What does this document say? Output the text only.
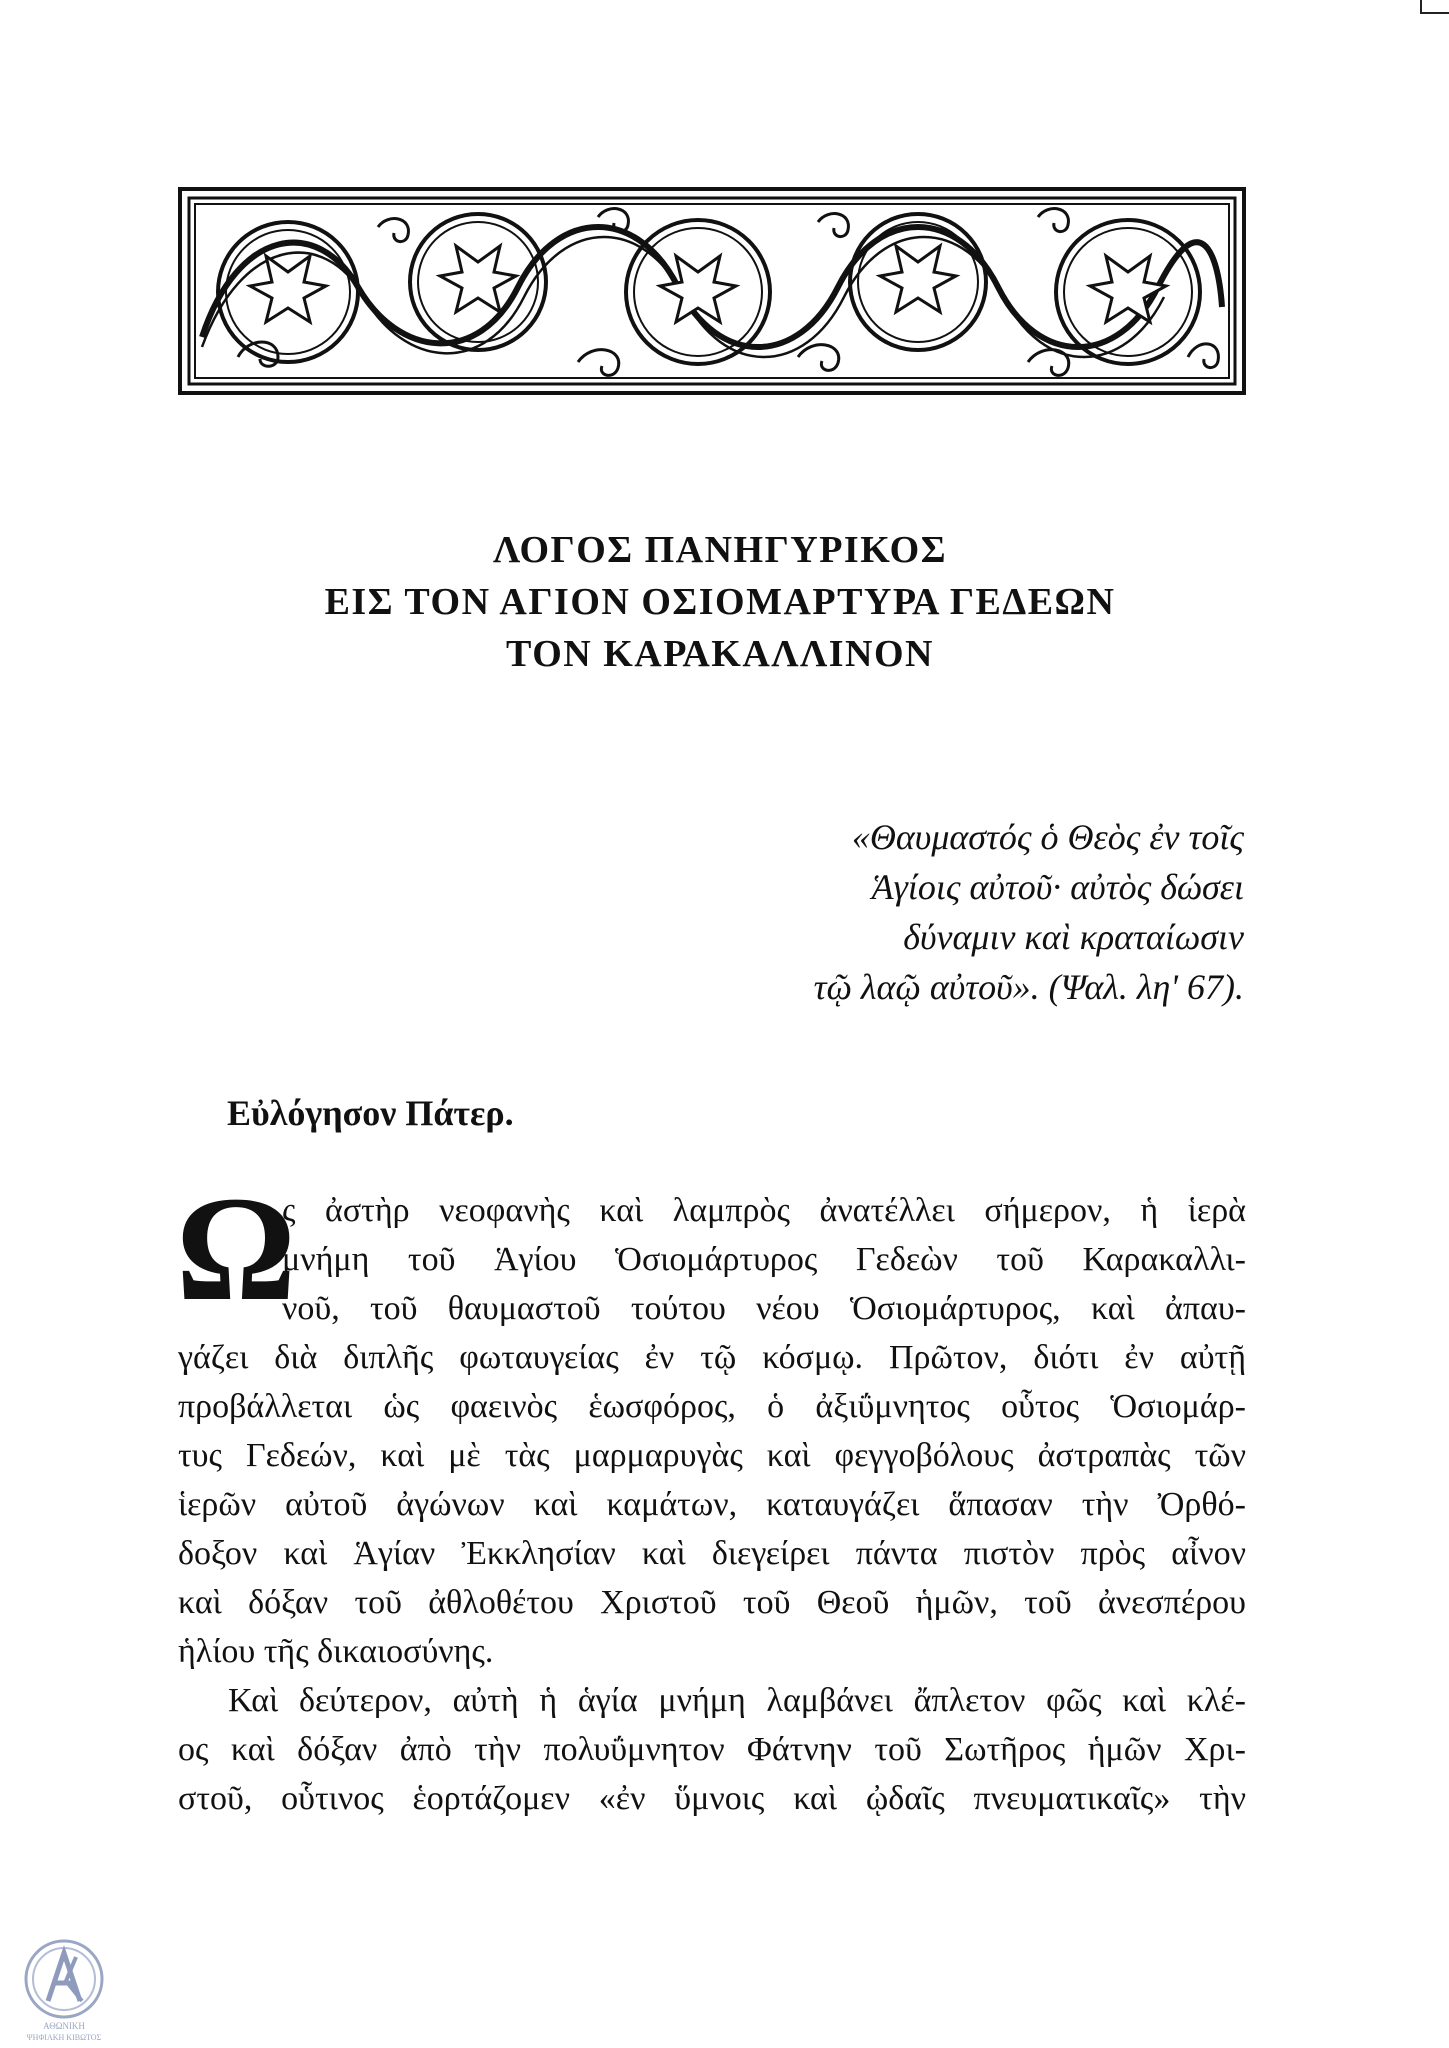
ΛΟΓΟΣ ΠΑΝΗΓΥΡΙΚΟΣ
ΕΙΣ ΤΟΝ ΑΓΙΟΝ ΟΣΙΟΜΑΡΤΥΡΑ ΓΕΔΕΩΝ
ΤΟΝ ΚΑΡΑΚΑΛΛΙΝΟΝ
«Θαυμαστός ὁ Θεὸς ἐν τοῖς
Ἁγίοις αὐτοῦ· αὐτὸς δώσει
δύναμιν καὶ κραταίωσιν
τῷ λαῷ αὐτοῦ». (Ψαλ. λη' 67).
Εὐλόγησον Πάτερ.
Ω
ς ἀστὴρ νεοφανὴς καὶ λαμπρὸς ἀνατέλλει σήμερον, ἡ ἱερὰ
μνήμη τοῦ Ἁγίου Ὁσιομάρτυρος Γεδεὼν τοῦ Καρακαλλι-
νοῦ, τοῦ θαυμαστοῦ τούτου νέου Ὁσιομάρτυρος, καὶ ἀπαυ-
γάζει διὰ διπλῆς φωταυγείας ἐν τῷ κόσμῳ. Πρῶτον, διότι ἐν αὐτῇ
προβάλλεται ὡς φαεινὸς ἑωσφόρος, ὁ ἀξιΰμνητος οὗτος Ὁσιομάρ-
τυς Γεδεών, καὶ μὲ τὰς μαρμαρυγὰς καὶ φεγγοβόλους ἀστραπὰς τῶν
ἱερῶν αὐτοῦ ἀγώνων καὶ καμάτων, καταυγάζει ἅπασαν τὴν Ὀρθό-
δοξον καὶ Ἁγίαν Ἐκκλησίαν καὶ διεγείρει πάντα πιστὸν πρὸς αἶνον
καὶ δόξαν τοῦ ἀθλοθέτου Χριστοῦ τοῦ Θεοῦ ἡμῶν, τοῦ ἀνεσπέρου
ἡλίου τῆς δικαιοσύνης.
Καὶ δεύτερον, αὐτὴ ἡ ἁγία μνήμη λαμβάνει ἄπλετον φῶς καὶ κλέ-
ος καὶ δόξαν ἀπὸ τὴν πολυΰμνητον Φάτνην τοῦ Σωτῆρος ἡμῶν Χρι-
στοῦ, οὗτινος ἑορτάζομεν «ἐν ὕμνοις καὶ ᾠδαῖς πνευματικαῖς» τὴν
ΑΘΩΝΙΚΗ
ΨΗΦΙΑΚΗ ΚΙΒΩΤΟΣ
